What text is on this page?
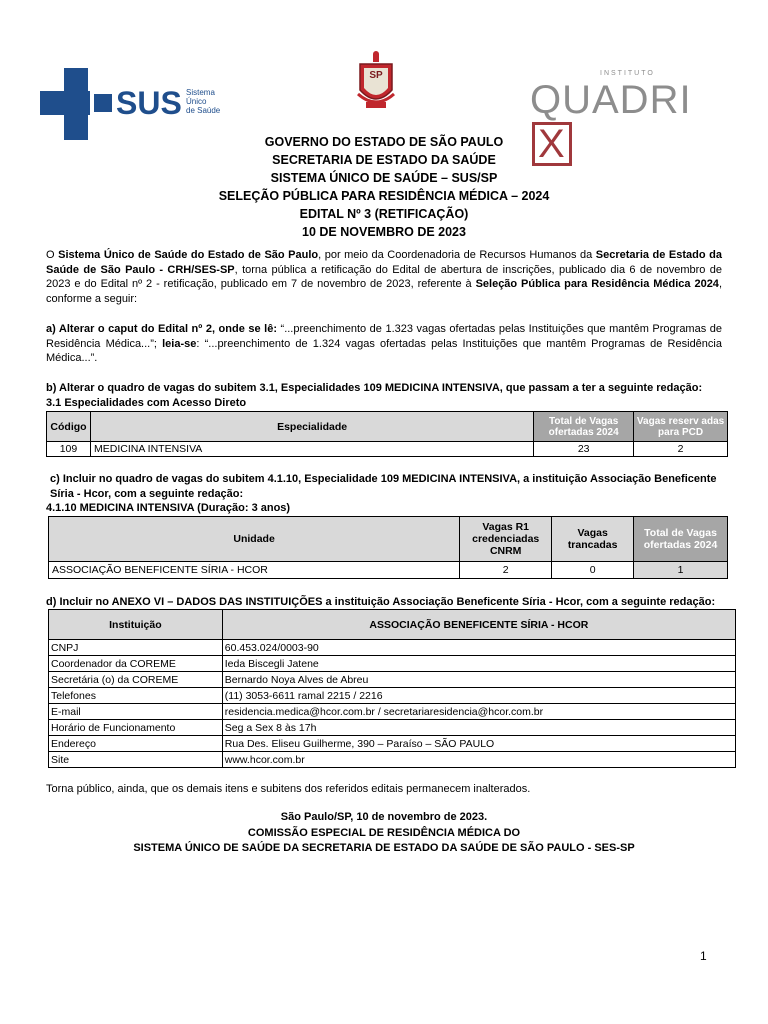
SUS Sistema
Único
de Saúde
SP	INSTITUTO
QUADRIX
GOVERNO DO ESTADO DE SÃO PAULO
SECRETARIA DE ESTADO DA SAÚDE
SISTEMA ÚNICO DE SAÚDE – SUS/SP
SELEÇÃO PÚBLICA PARA RESIDÊNCIA MÉDICA – 2024
EDITAL Nº 3 (RETIFICAÇÃO)
10 DE NOVEMBRO DE 2023
O Sistema Único de Saúde do Estado de São Paulo, por meio da Coordenadoria de Recursos Humanos da Secretaria de Estado da Saúde de São Paulo - CRH/SES-SP, torna pública a retificação do Edital de abertura de inscrições, publicado dia 6 de novembro de 2023 e do Edital nº 2 - retificação, publicado em 7 de novembro de 2023, referente à Seleção Pública para Residência Médica 2024, conforme a seguir:
a) Alterar o caput do Edital nº 2, onde se lê: “...preenchimento de 1.323 vagas ofertadas pelas Instituições que mantêm Programas de Residência Médica...”; leia-se: “...preenchimento de 1.324 vagas ofertadas pelas Instituições que mantêm Programas de Residência Médica...”.
b) Alterar o quadro de vagas do subitem 3.1, Especialidades 109 MEDICINA INTENSIVA, que passam a ter a seguinte redação:
3.1 Especialidades com Acesso Direto
Código	Especialidade	Total de Vagas ofertadas 2024	Vagas reserv adas para PCD
109	MEDICINA INTENSIVA	23	2
c) Incluir no quadro de vagas do subitem 4.1.10, Especialidade 109 MEDICINA INTENSIVA, a instituição Associação Beneficente Síria - Hcor, com a seguinte redação:
4.1.10 MEDICINA INTENSIVA (Duração: 3 anos)
Unidade	Vagas R1 credenciadas CNRM	Vagas trancadas	Total de Vagas ofertadas 2024
ASSOCIAÇÃO BENEFICENTE SÍRIA - HCOR	2	0	1
d) Incluir no ANEXO VI – DADOS DAS INSTITUIÇÕES a instituição Associação Beneficente Síria - Hcor, com a seguinte redação:
Instituição	ASSOCIAÇÃO BENEFICENTE SÍRIA - HCOR
CNPJ	60.453.024/0003-90
Coordenador da COREME	Ieda Biscegli Jatene
Secretária (o) da COREME	Bernardo Noya Alves de Abreu
Telefones	(11) 3053-6611 ramal 2215 / 2216
E-mail	residencia.medica@hcor.com.br / secretariaresidencia@hcor.com.br
Horário de Funcionamento	Seg a Sex 8 às 17h
Endereço	Rua Des. Eliseu Guilherme, 390 – Paraíso – SÃO PAULO
Site	www.hcor.com.br
Torna público, ainda, que os demais itens e subitens dos referidos editais permanecem inalterados.
São Paulo/SP, 10 de novembro de 2023.
COMISSÃO ESPECIAL DE RESIDÊNCIA MÉDICA DO
SISTEMA ÚNICO DE SAÚDE DA SECRETARIA DE ESTADO DA SAÚDE DE SÃO PAULO - SES-SP
1
